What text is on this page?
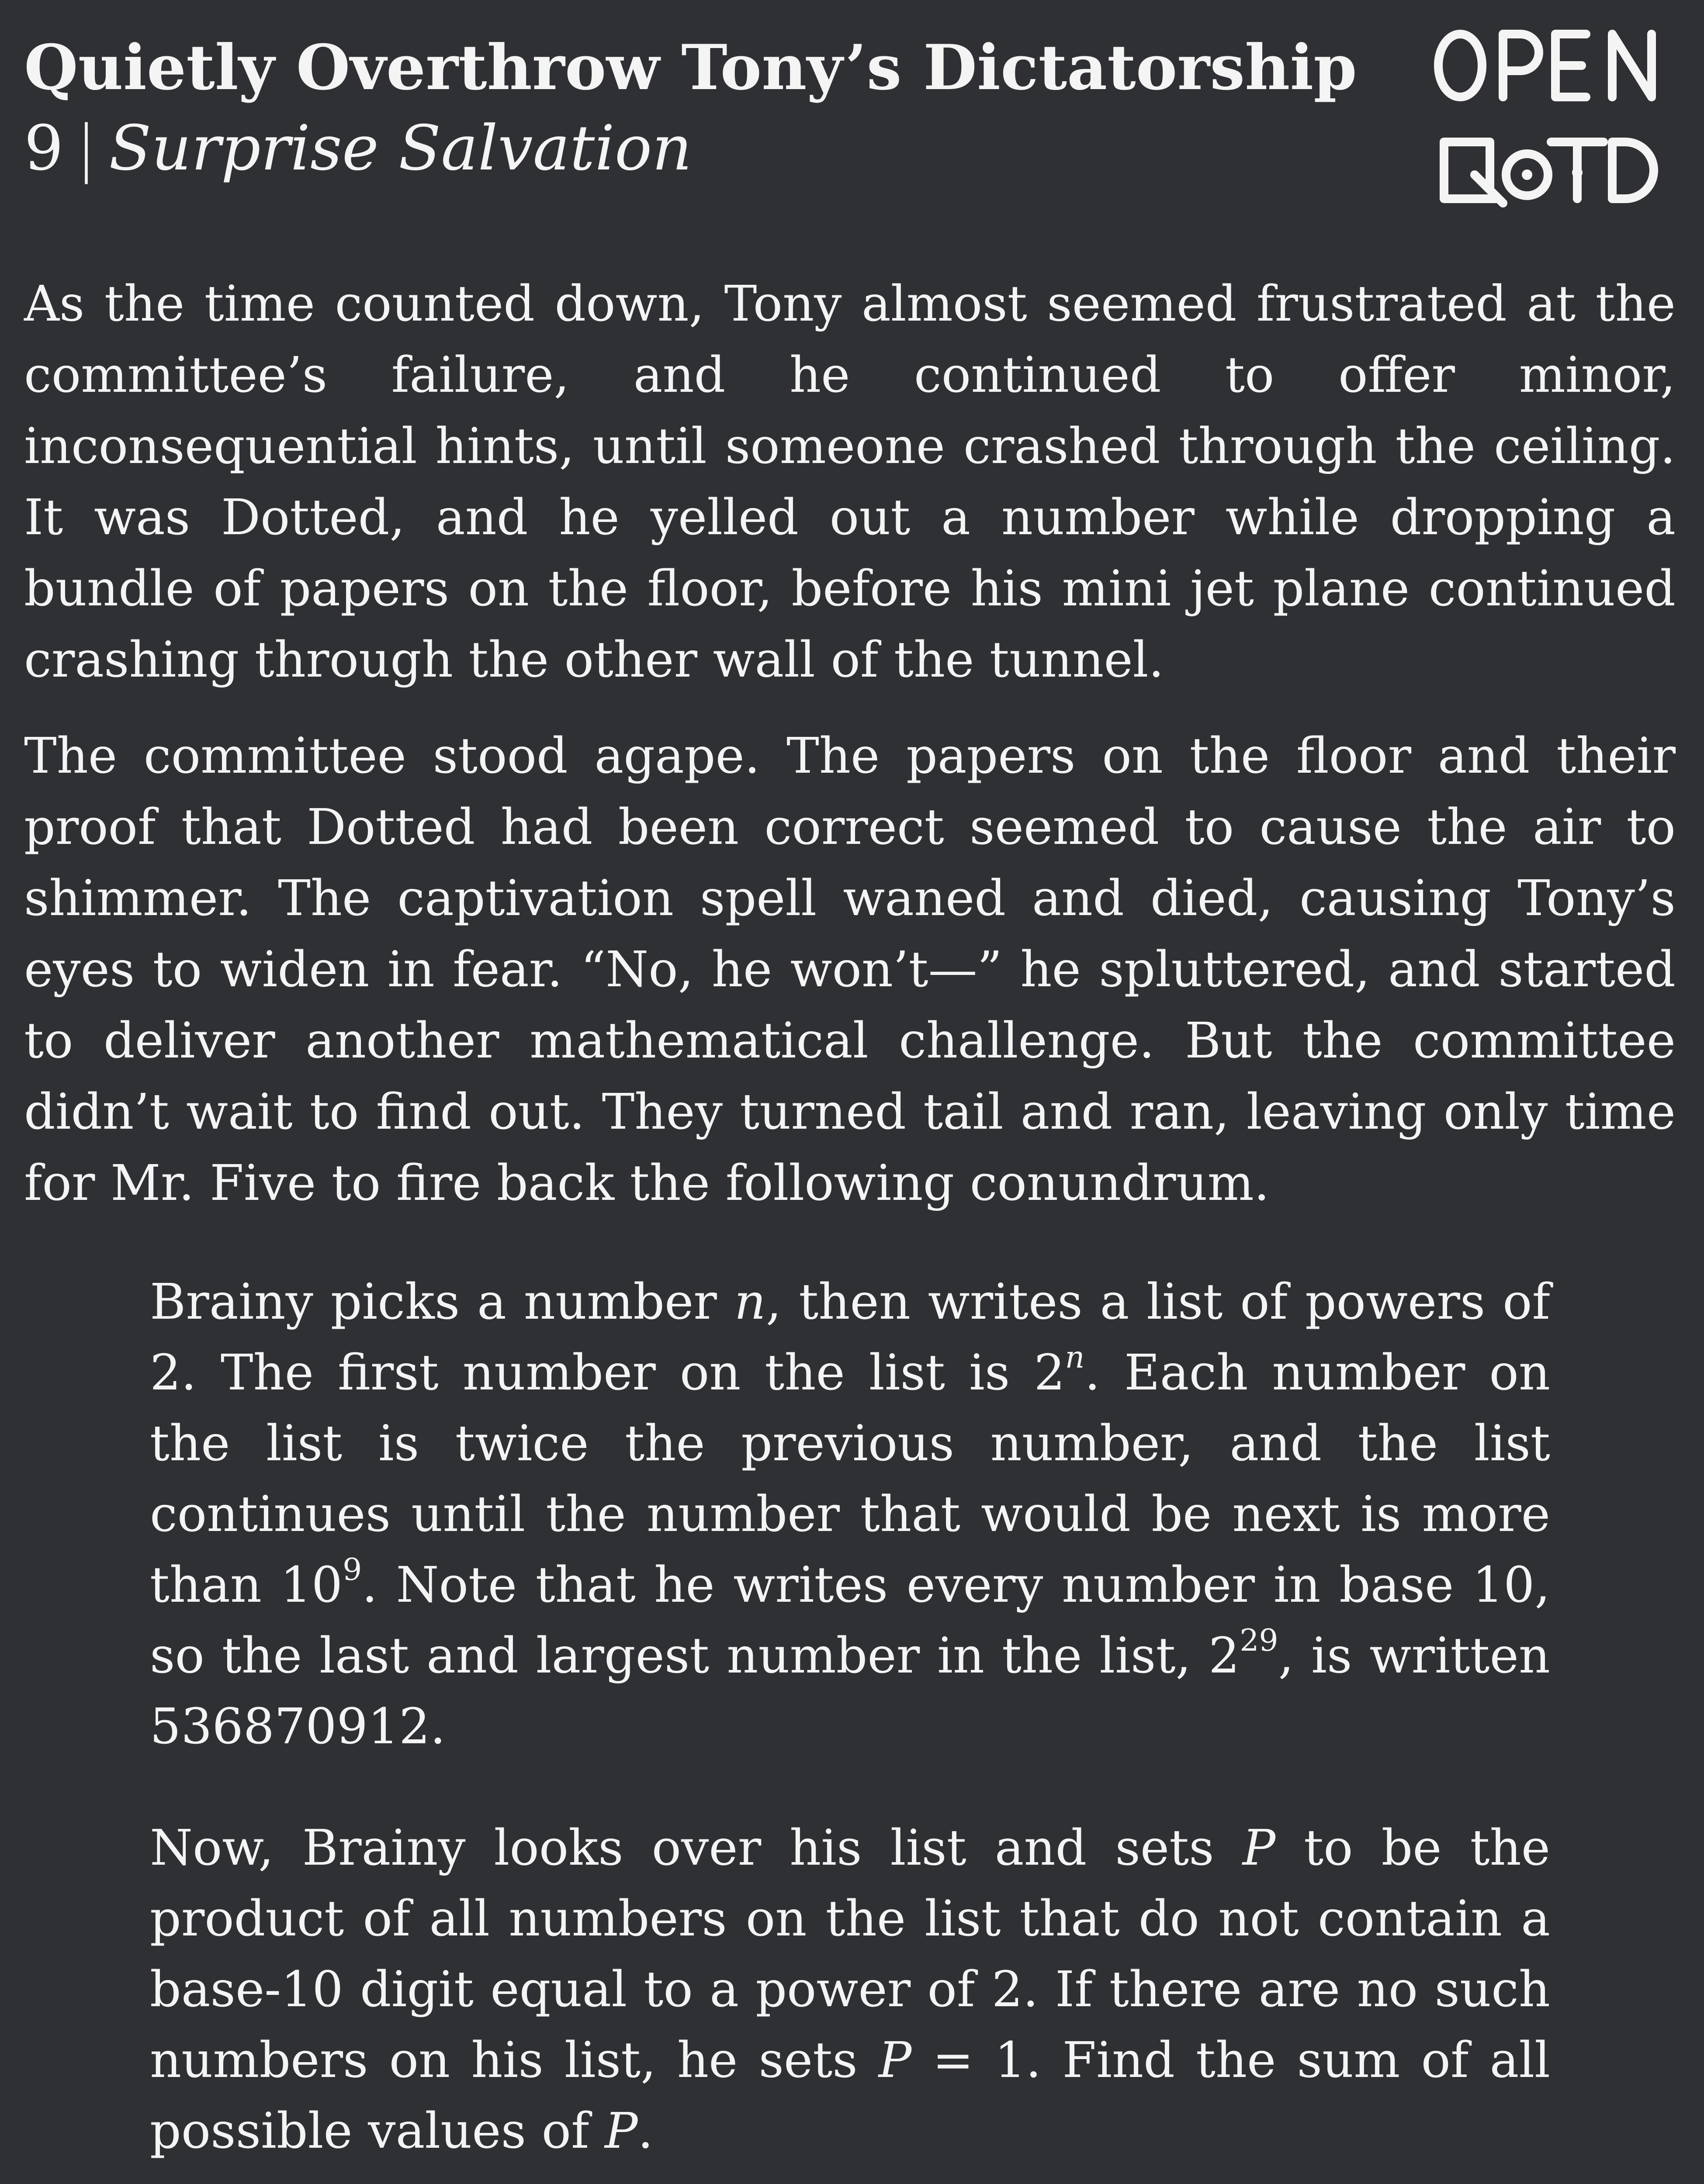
Quietly Overthrow Tony’s Dictatorship
9 | Surprise Salvation

As the time counted down, Tony almost seemed frustrated at the committee’s failure, and he continued to offer minor, inconsequential hints, until someone crashed through the ceiling. It was Dotted, and he yelled out a number while dropping a bundle of papers on the floor, before his mini jet plane continued crashing through the other wall of the tunnel.

The committee stood agape. The papers on the floor and their proof that Dotted had been correct seemed to cause the air to shimmer. The captivation spell waned and died, causing Tony’s eyes to widen in fear. “No, he won’t—” he spluttered, and started to deliver another mathematical challenge. But the committee didn’t wait to find out. They turned tail and ran, leaving only time for Mr. Five to fire back the following conundrum.

Brainy picks a number n, then writes a list of powers of 2. The first number on the list is 2$^n$. Each number on the list is twice the previous number, and the list continues until the number that would be next is more than $10^9$. Note that he writes every number in base 10, so the last and largest number in the list, $2^{29}$, is written 536870912.

Now, Brainy looks over his list and sets P to be the product of all numbers on the list that do not contain a base-10 digit equal to a power of 2. If there are no such numbers on his list, he sets P = 1. Find the sum of all possible values of P.
